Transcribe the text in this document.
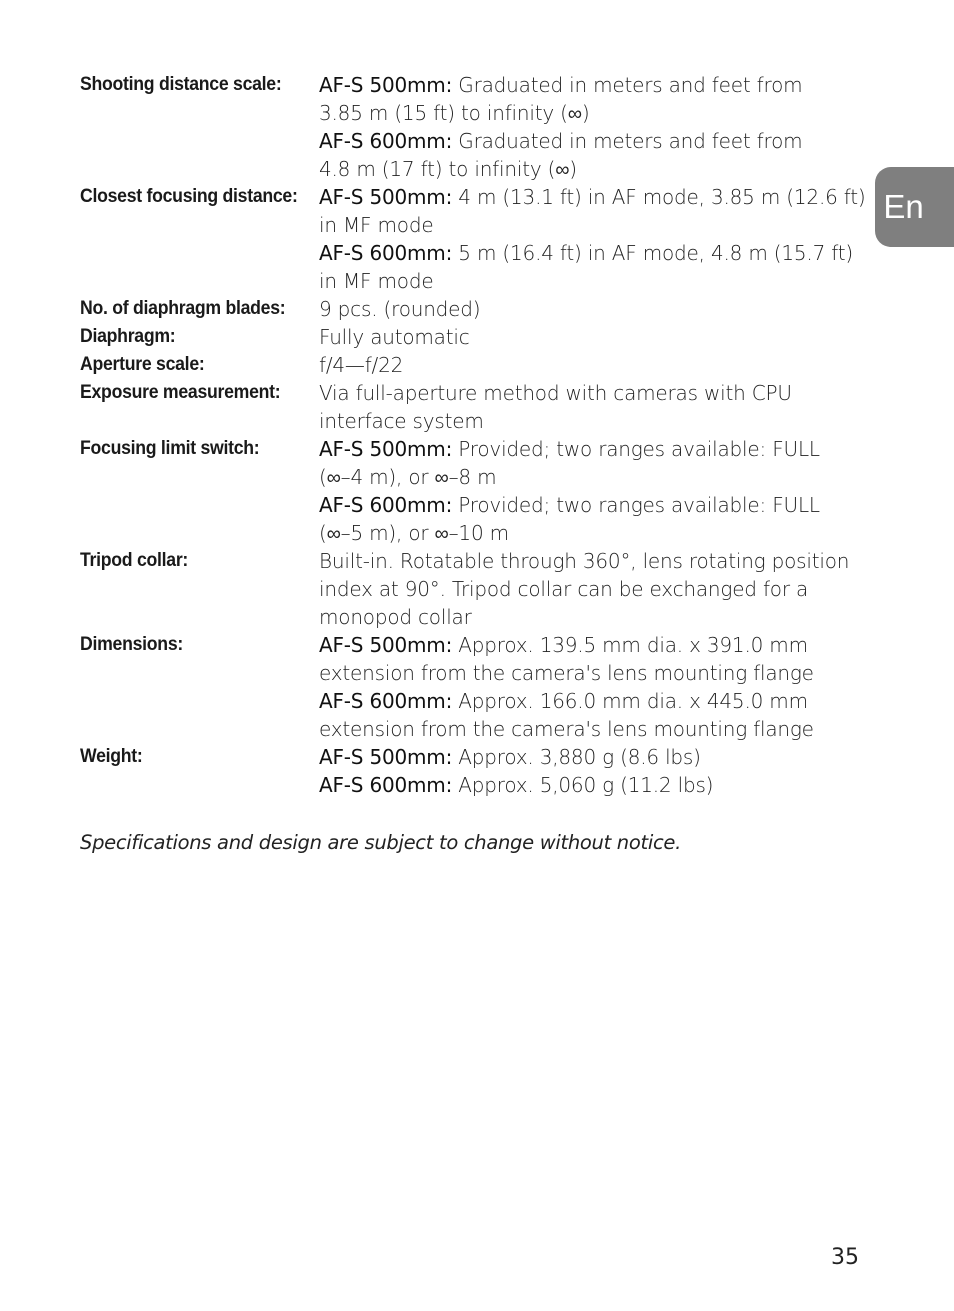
Shooting distance scale:	AF-S 500mm: Graduated in meters and feet from
3.85 m (15 ft) to infinity (∞)
AF-S 600mm: Graduated in meters and feet from
4.8 m (17 ft) to infinity (∞)
Closest focusing distance: AF-S 500mm: 4 m (13.1 ft) in AF mode, 3.85 m (12.6 ft)
in MF mode
AF-S 600mm: 5 m (16.4 ft) in AF mode, 4.8 m (15.7 ft)
in MF mode
No. of diaphragm blades:	9 pcs. (rounded)
Diaphragm:	Fully automatic
Aperture scale:	f/4—f/22
Exposure measurement:	Via full-aperture method with cameras with CPU
interface system
Focusing limit switch:	AF-S 500mm: Provided; two ranges available: FULL
(∞–4 m), or ∞–8 m
AF-S 600mm: Provided; two ranges available: FULL
(∞–5 m), or ∞–10 m
Tripod collar:	Built-in. Rotatable through 360°, lens rotating position
index at 90°. Tripod collar can be exchanged for a
monopod collar
Dimensions:	AF-S 500mm: Approx. 139.5 mm dia. x 391.0 mm
extension from the camera's lens mounting flange
AF-S 600mm: Approx. 166.0 mm dia. x 445.0 mm
extension from the camera's lens mounting flange
Weight:	AF-S 500mm: Approx. 3,880 g (8.6 lbs)
AF-S 600mm: Approx. 5,060 g (11.2 lbs)
Specifications and design are subject to change without notice.
En
35
